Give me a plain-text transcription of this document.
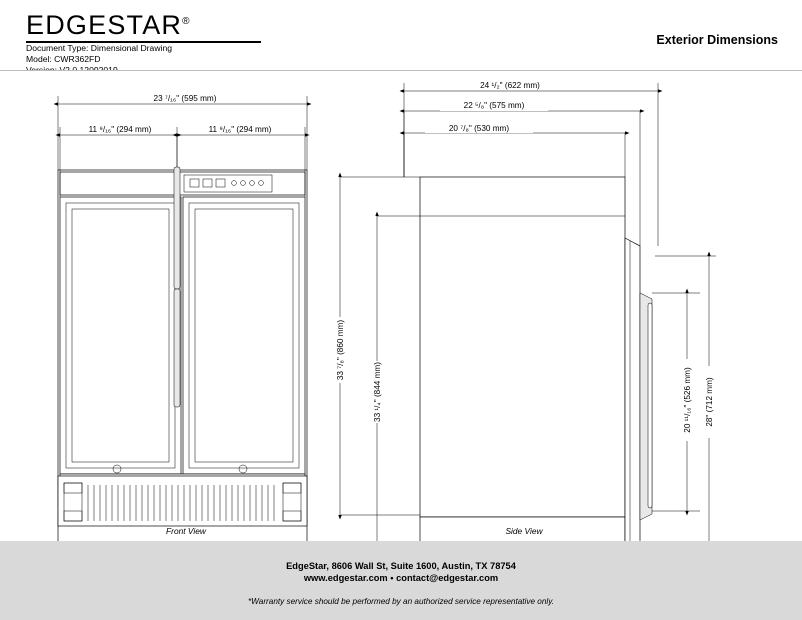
EDGESTAR®
Document Type: Dimensional Drawing
Model: CWR362FD
Exterior Dimensions
23 ⁷/₁₆" (595 mm)
11 ⁹/₁₆" (294 mm)	11 ⁹/₁₆" (294 mm)
33 ⁷/₈" (860 mm)
33 ¹/₄" (844 mm)
24 ¹/₂" (622 mm)
22 ⁵/₈" (575 mm)
20 ⁷/₈" (530 mm)
20 ¹¹/₁₆" (526 mm) 28" (712 mm)
Front View	Side View
EdgeStar, 8606 Wall St, Suite 1600, Austin, TX 78754
www.edgestar.com • contact@edgestar.com
*Warranty service should be performed by an authorized service representative only.
